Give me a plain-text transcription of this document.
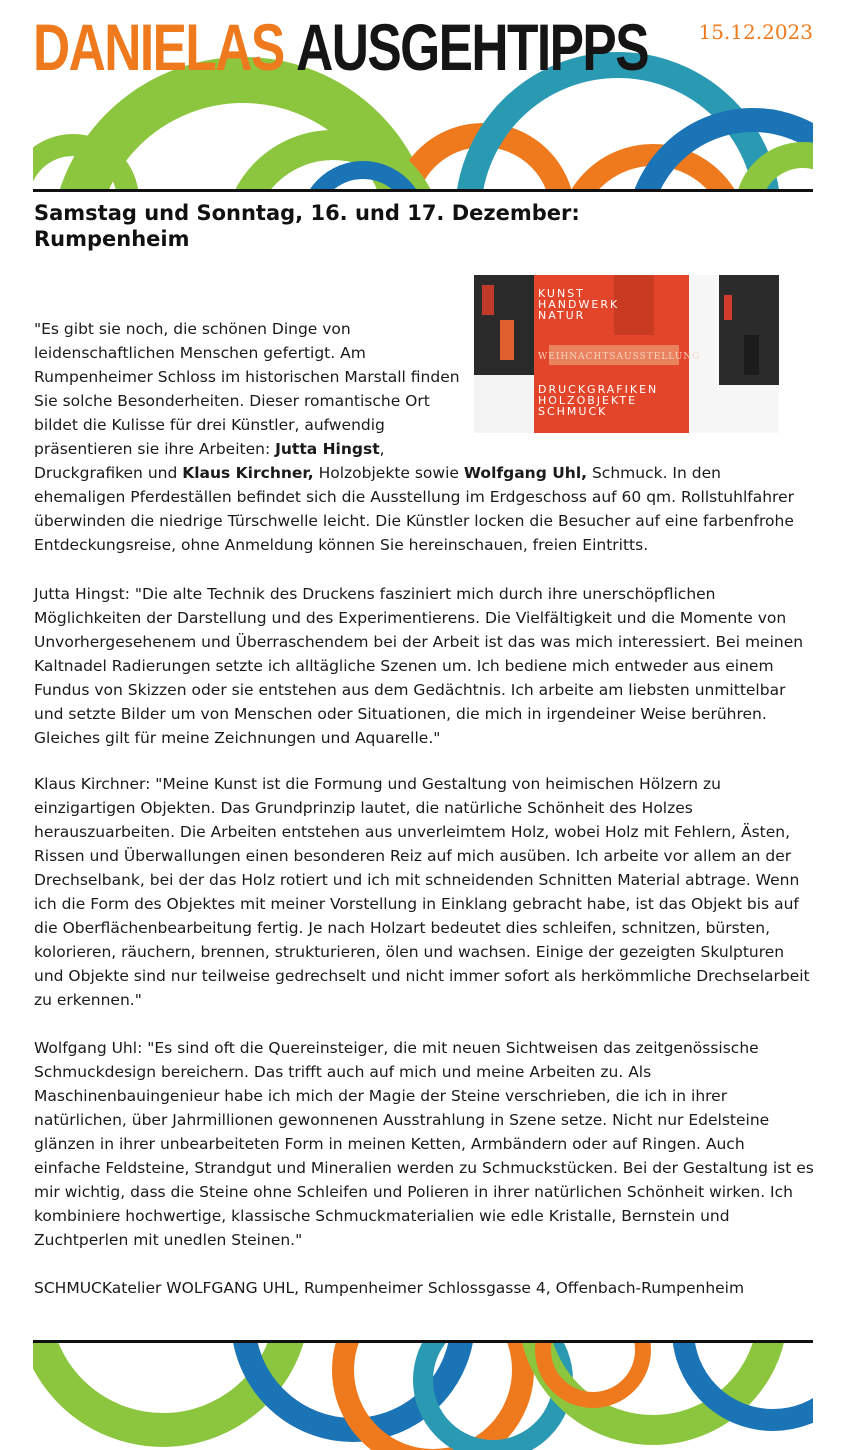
DANIELAS AUSGEHTIPPS	15.12.2023
Samstag und Sonntag, 16. und 17. Dezember:
Rumpenheim
KUNST
HANDWERK
NATUR
WEIHNACHTSAUSSTELLUNG
DRUCKGRAFIKEN
HOLZOBJEKTE
SCHMUCK

"Es gibt sie noch, die schönen Dinge von leidenschaftlichen Menschen gefertigt. Am Rumpenheimer Schloss im historischen Marstall finden Sie solche Besonderheiten. Dieser romantische Ort bildet die Kulisse für drei Künstler, aufwendig präsentieren sie ihre Arbeiten: Jutta Hingst, Druckgrafiken und Klaus Kirchner, Holzobjekte sowie Wolfgang Uhl, Schmuck. In den ehemaligen Pferdeställen befindet sich die Ausstellung im Erdgeschoss auf 60 qm. Rollstuhlfahrer überwinden die niedrige Türschwelle leicht. Die Künstler locken die Besucher auf eine farbenfrohe Entdeckungsreise, ohne Anmeldung können Sie hereinschauen, freien Eintritts.

Jutta Hingst: "Die alte Technik des Druckens fasziniert mich durch ihre unerschöpflichen Möglichkeiten der Darstellung und des Experimentierens. Die Vielfältigkeit und die Momente von Unvorhergesehenem und Überraschendem bei der Arbeit ist das was mich interessiert. Bei meinen Kaltnadel Radierungen setzte ich alltägliche Szenen um. Ich bediene mich entweder aus einem Fundus von Skizzen oder sie entstehen aus dem Gedächtnis. Ich arbeite am liebsten unmittelbar und setzte Bilder um von Menschen oder Situationen, die mich in irgendeiner Weise berühren. Gleiches gilt für meine Zeichnungen und Aquarelle."
Klaus Kirchner: "Meine Kunst ist die Formung und Gestaltung von heimischen Hölzern zu einzigartigen Objekten. Das Grundprinzip lautet, die natürliche Schönheit des Holzes herauszuarbeiten. Die Arbeiten entstehen aus unverleimtem Holz, wobei Holz mit Fehlern, Ästen, Rissen und Überwallungen einen besonderen Reiz auf mich ausüben. Ich arbeite vor allem an der Drechselbank, bei der das Holz rotiert und ich mit schneidenden Schnitten Material abtrage. Wenn ich die Form des Objektes mit meiner Vorstellung in Einklang gebracht habe, ist das Objekt bis auf die Oberflächenbearbeitung fertig. Je nach Holzart bedeutet dies schleifen, schnitzen, bürsten, kolorieren, räuchern, brennen, strukturieren, ölen und wachsen. Einige der gezeigten Skulpturen und Objekte sind nur teilweise gedrechselt und nicht immer sofort als herkömmliche Drechselarbeit zu erkennen."
Wolfgang Uhl: "Es sind oft die Quereinsteiger, die mit neuen Sichtweisen das zeitgenössische Schmuckdesign bereichern. Das trifft auch auf mich und meine Arbeiten zu. Als Maschinenbauingenieur habe ich mich der Magie der Steine verschrieben, die ich in ihrer natürlichen, über Jahrmillionen gewonnenen Ausstrahlung in Szene setze. Nicht nur Edelsteine glänzen in ihrer unbearbeiteten Form in meinen Ketten, Armbändern oder auf Ringen. Auch einfache Feldsteine, Strandgut und Mineralien werden zu Schmuckstücken. Bei der Gestaltung ist es mir wichtig, dass die Steine ohne Schleifen und Polieren in ihrer natürlichen Schönheit wirken. Ich kombiniere hochwertige, klassische Schmuckmaterialien wie edle Kristalle, Bernstein und Zuchtperlen mit unedlen Steinen."
SCHMUCKatelier WOLFGANG UHL, Rumpenheimer Schlossgasse 4, Offenbach-Rumpenheim
